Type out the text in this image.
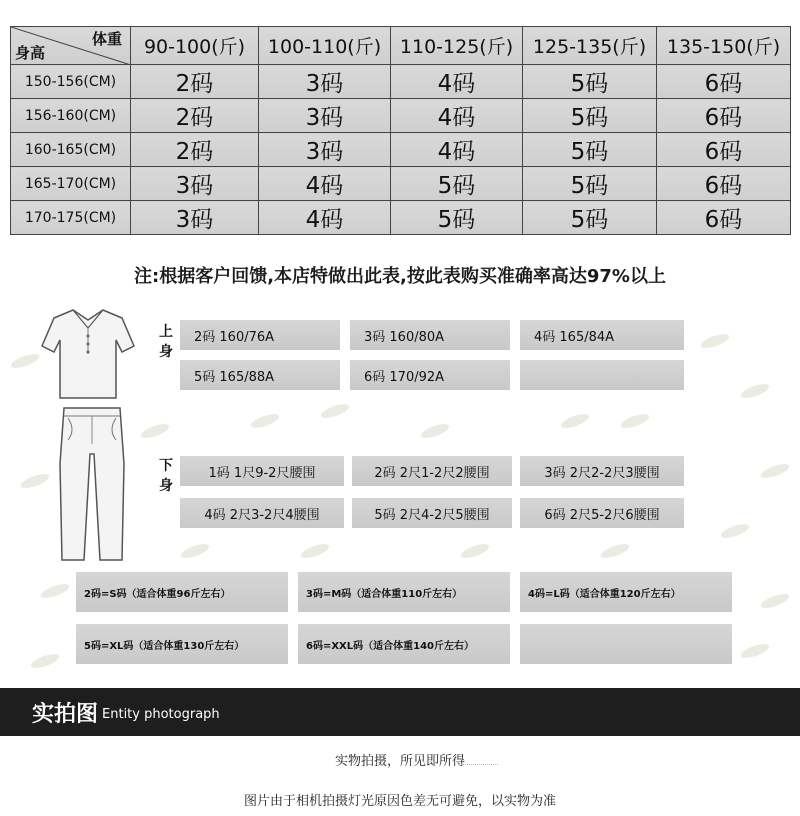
体重
身高	90-100(斤)	100-110(斤)	110-125(斤)	125-135(斤)	135-150(斤)
150-156(CM)	2码	3码	4码	5码	6码
156-160(CM)	2码	3码	4码	5码	6码
160-165(CM)	2码	3码	4码	5码	6码
165-170(CM)	3码	4码	5码	5码	6码
170-175(CM)	3码	4码	5码	5码	6码
注:根据客户回馈,本店特做出此表,按此表购买准确率高达97%以上
上身
下身
2码 160/76A	3码 160/80A	4码 165/84A
5码 165/88A	6码 170/92A
1码 1尺9-2尺腰围	2码 2尺1-2尺2腰围	3码 2尺2-2尺3腰围
4码 2尺3-2尺4腰围	5码 2尺4-2尺5腰围	6码 2尺5-2尺6腰围
2码=S码（适合体重96斤左右）	3码=M码（适合体重110斤左右）	4码=L码（适合体重120斤左右）
5码=XL码（适合体重130斤左右）	6码=XXL码（适合体重140斤左右）
实拍图 Entity photograph
实物拍摄，所见即所得
图片由于相机拍摄灯光原因色差无可避免，以实物为准
